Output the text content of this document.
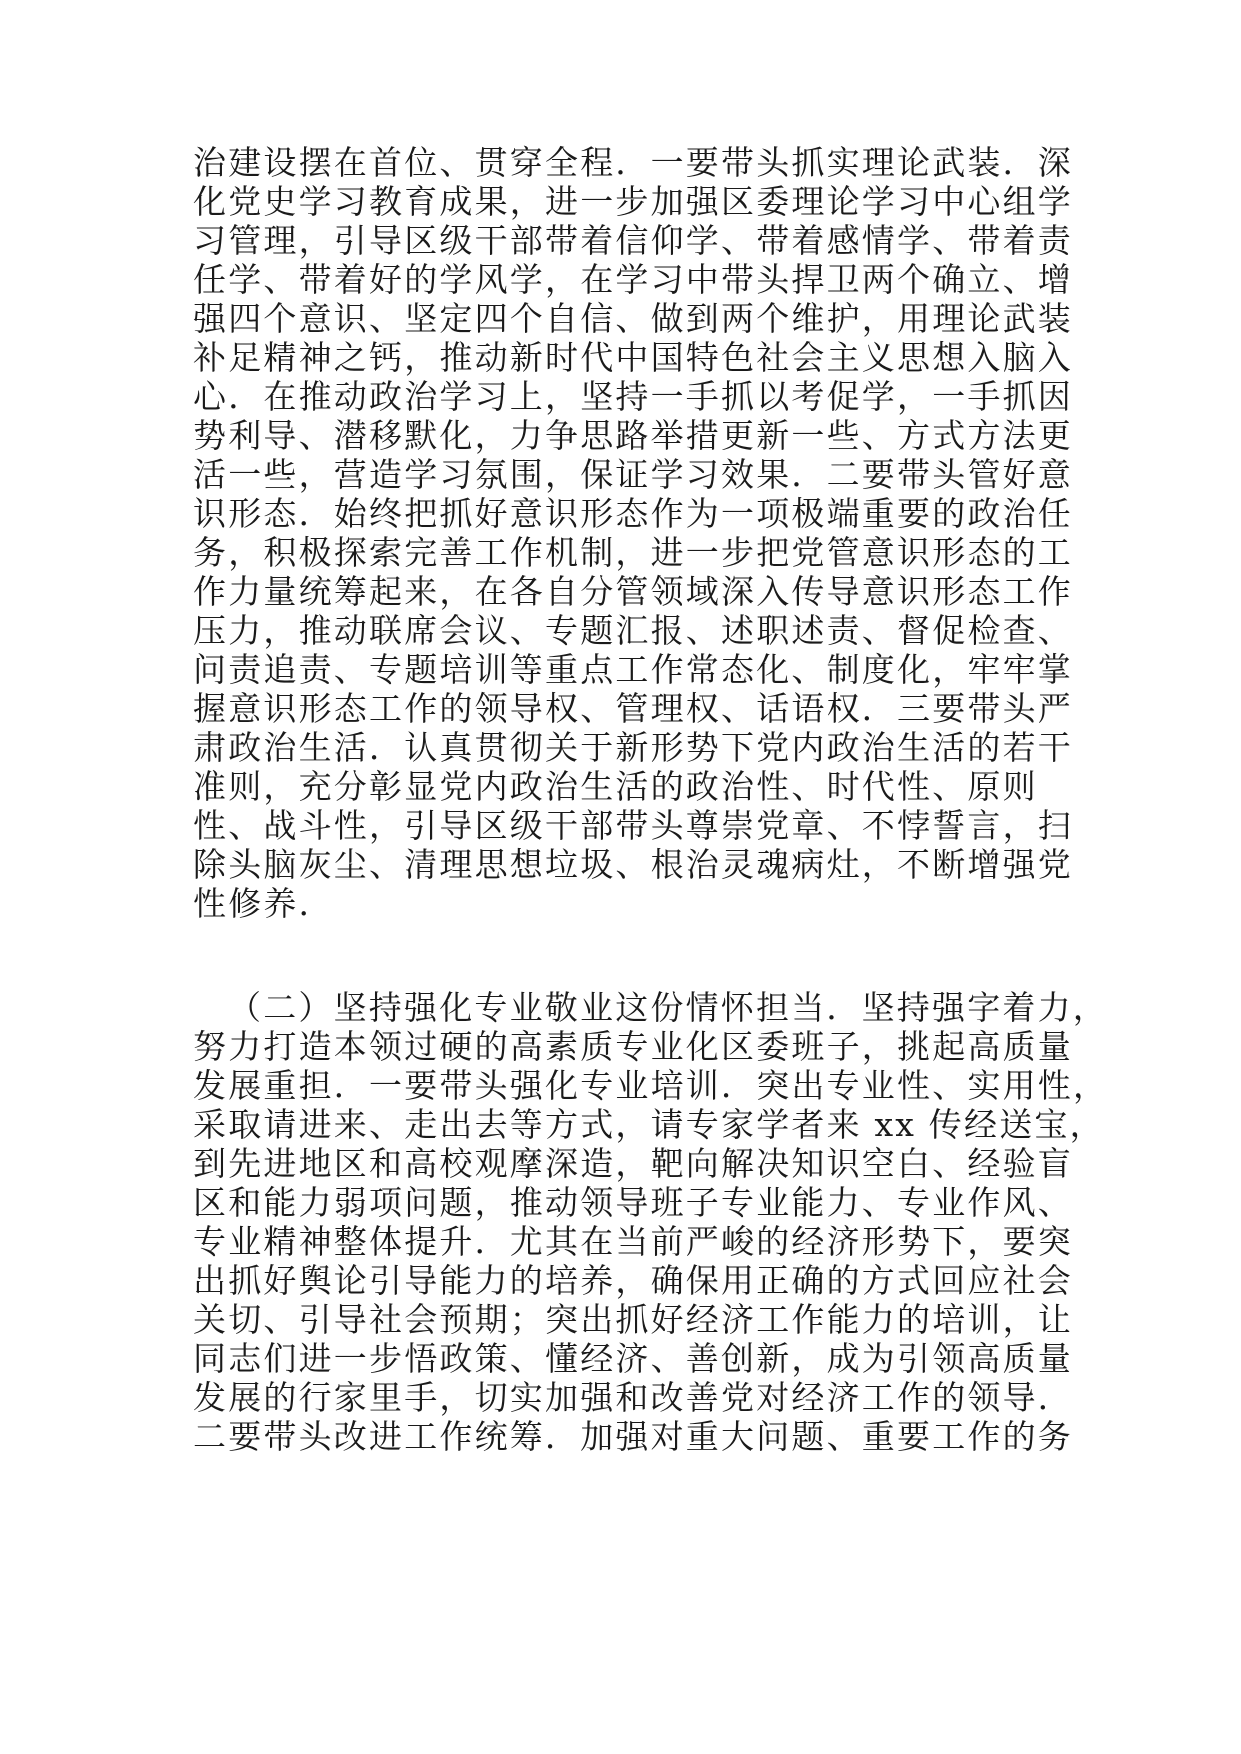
治建设摆在首位、贯穿全程．一要带头抓实理论武装．深
化党史学习教育成果，进一步加强区委理论学习中心组学
习管理，引导区级干部带着信仰学、带着感情学、带着责
任学、带着好的学风学，在学习中带头捍卫两个确立、增
强四个意识、坚定四个自信、做到两个维护，用理论武装
补足精神之钙，推动新时代中国特色社会主义思想入脑入
心．在推动政治学习上，坚持一手抓以考促学，一手抓因
势利导、潜移默化，力争思路举措更新一些、方式方法更
活一些，营造学习氛围，保证学习效果．二要带头管好意
识形态．始终把抓好意识形态作为一项极端重要的政治任
务，积极探索完善工作机制，进一步把党管意识形态的工
作力量统筹起来，在各自分管领域深入传导意识形态工作
压力，推动联席会议、专题汇报、述职述责、督促检查、
问责追责、专题培训等重点工作常态化、制度化，牢牢掌
握意识形态工作的领导权、管理权、话语权．三要带头严
肃政治生活．认真贯彻关于新形势下党内政治生活的若干
准则，充分彰显党内政治生活的政治性、时代性、原则
性、战斗性，引导区级干部带头尊崇党章、不悖誓言，扫
除头脑灰尘、清理思想垃圾、根治灵魂病灶，不断增强党
性修养．
（二）坚持强化专业敬业这份情怀担当．坚持强字着力，
努力打造本领过硬的高素质专业化区委班子，挑起高质量
发展重担．一要带头强化专业培训．突出专业性、实用性，
采取请进来、走出去等方式，请专家学者来 xx 传经送宝，
到先进地区和高校观摩深造，靶向解决知识空白、经验盲
区和能力弱项问题，推动领导班子专业能力、专业作风、
专业精神整体提升．尤其在当前严峻的经济形势下，要突
出抓好舆论引导能力的培养，确保用正确的方式回应社会
关切、引导社会预期；突出抓好经济工作能力的培训，让
同志们进一步悟政策、懂经济、善创新，成为引领高质量
发展的行家里手，切实加强和改善党对经济工作的领导．
二要带头改进工作统筹．加强对重大问题、重要工作的务
